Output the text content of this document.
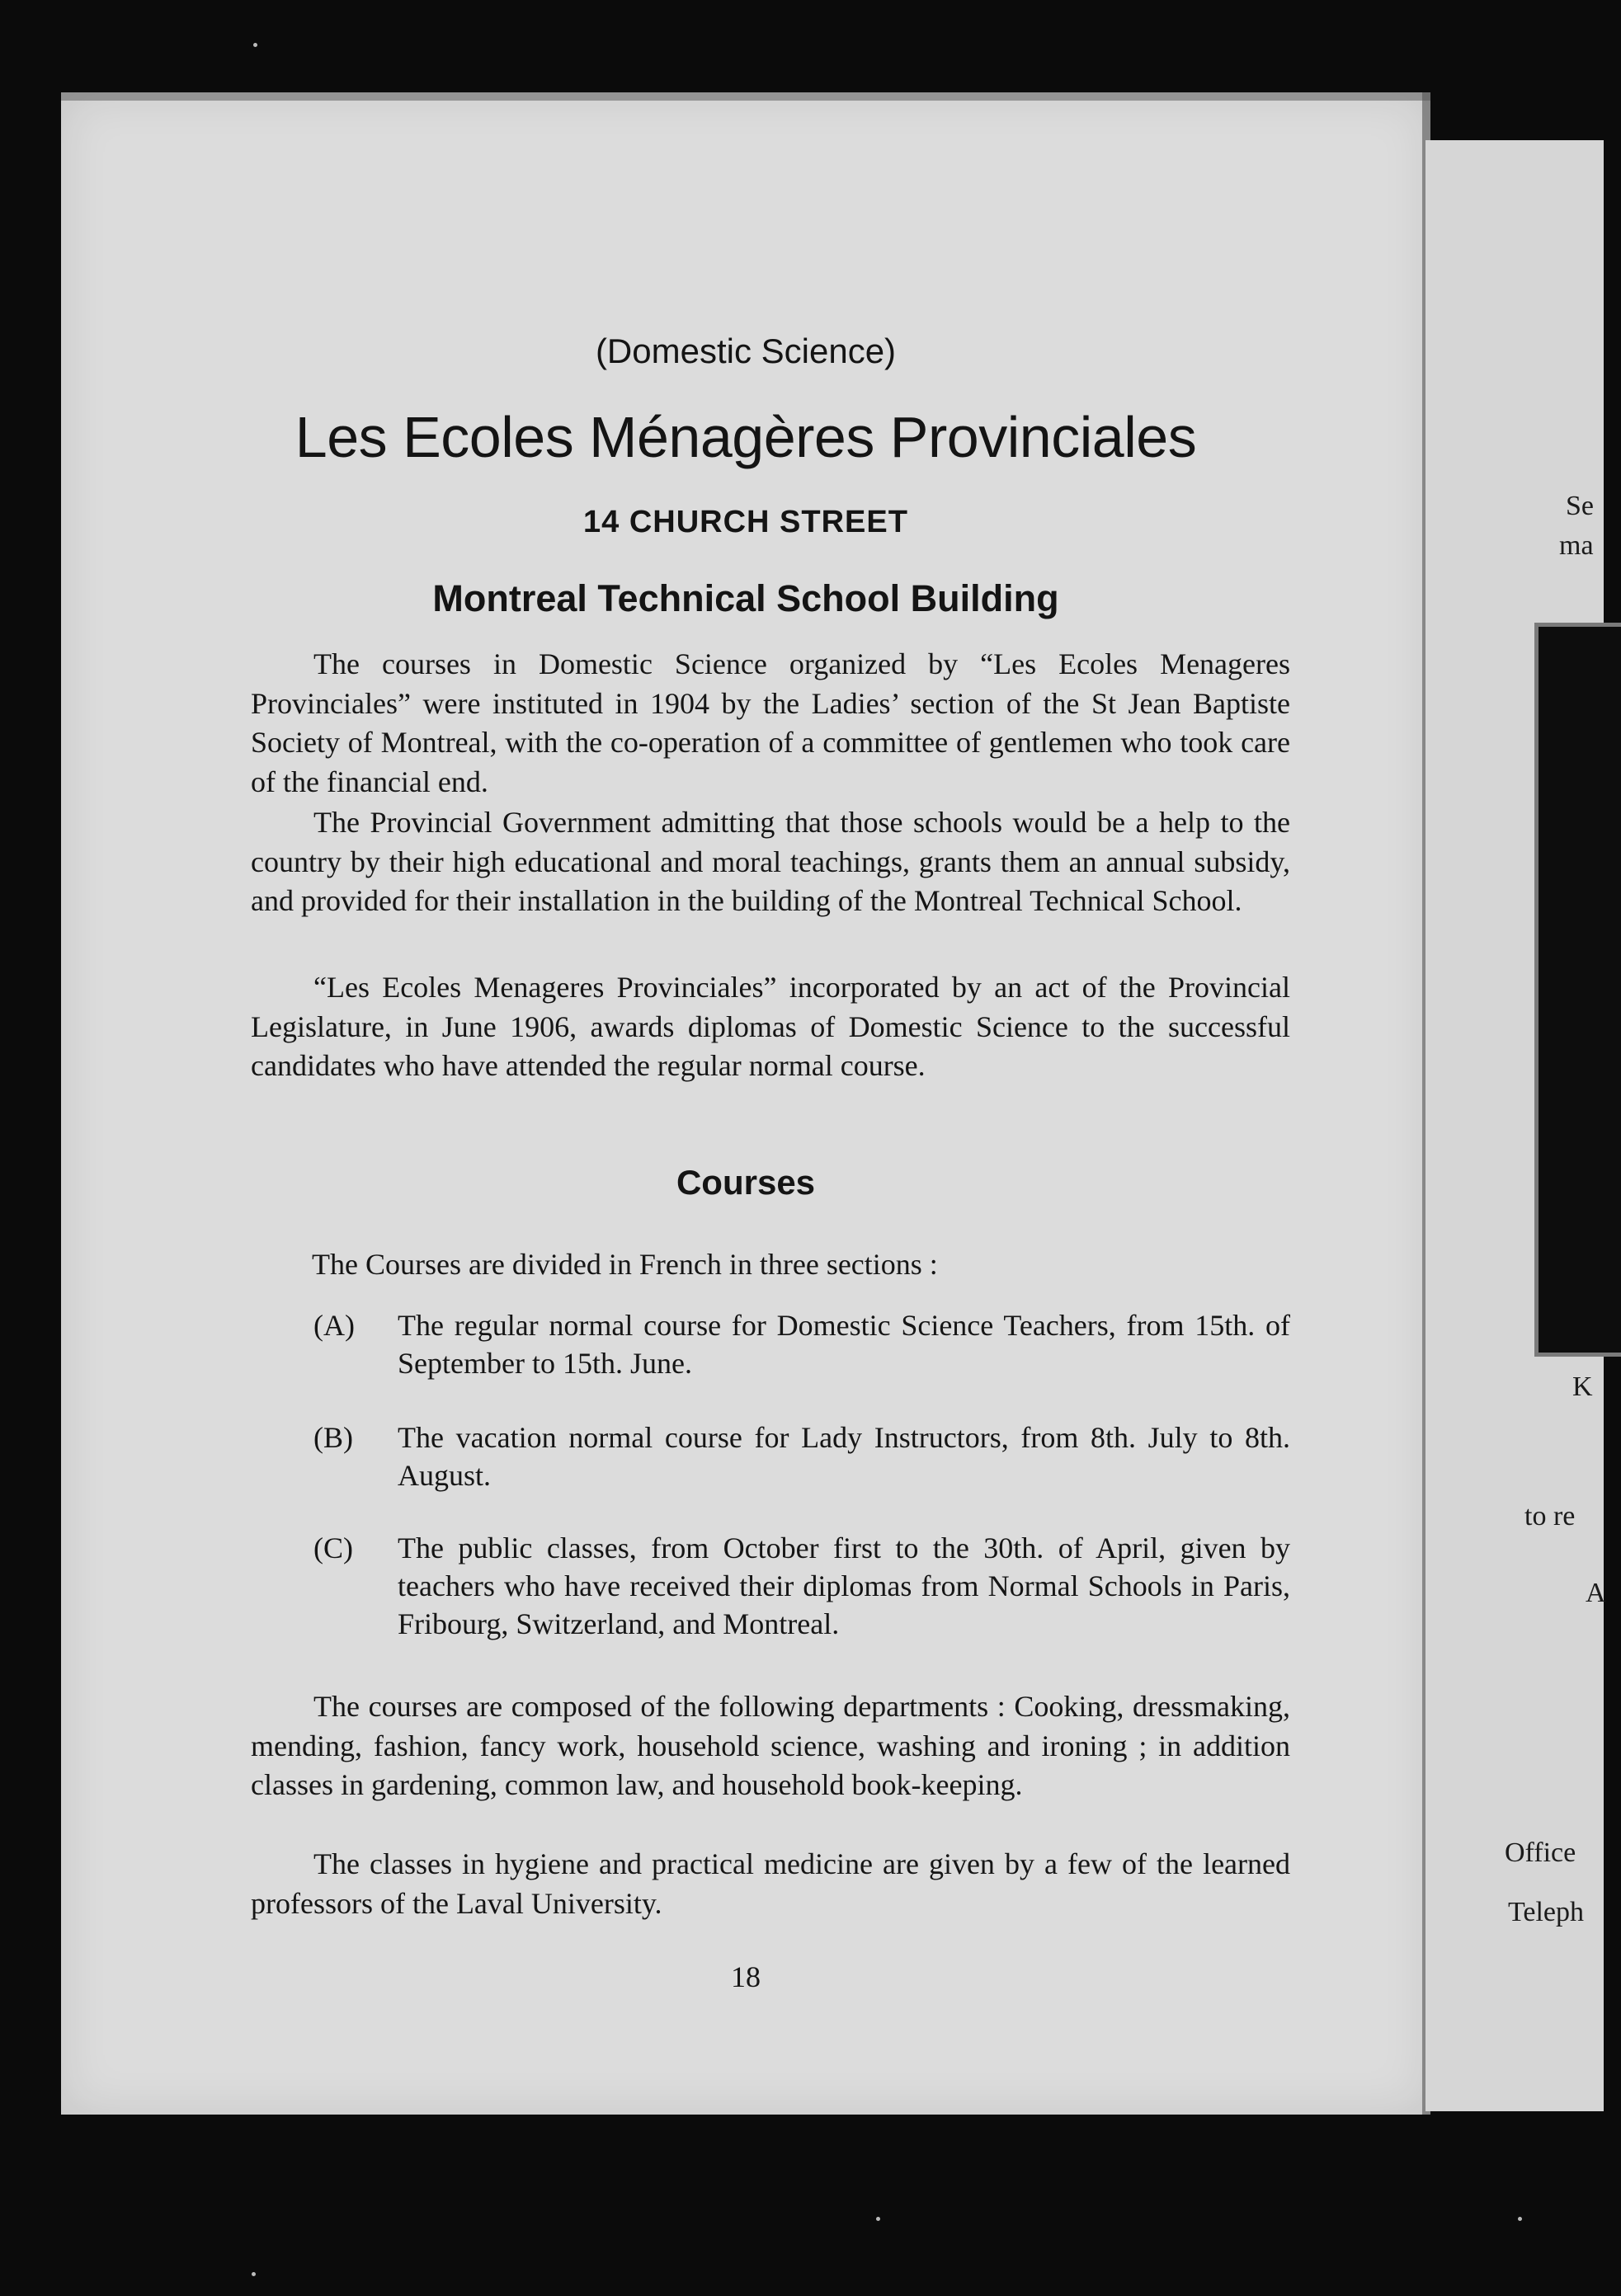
(Domestic Science)
Les Ecoles Ménagères Provinciales
14 CHURCH STREET
Montreal Technical School Building
The courses in Domestic Science organized by “Les Ecoles Menageres Provinciales” were instituted in 1904 by the Ladies’ section of the St Jean Baptiste Society of Montreal, with the co-operation of a committee of gentlemen who took care of the financial end.
The Provincial Government admitting that those schools would be a help to the country by their high educational and moral teachings, grants them an annual subsidy, and provided for their installation in the building of the Montreal Technical School.
“Les Ecoles Menageres Provinciales” incorporated by an act of the Provincial Legislature, in June 1906, awards diplomas of Domestic Science to the successful candidates who have attended the regular normal course.
Courses
The Courses are divided in French in three sections :
(A) The regular normal course for Domestic Science Teachers, from 15th. of September to 15th. June.
(B) The vacation normal course for Lady Instructors, from 8th. July to 8th. August.
(C) The public classes, from October first to the 30th. of April, given by teachers who have received their diplomas from Normal Schools in Paris, Fribourg, Switzerland, and Montreal.
The courses are composed of the following departments : Cooking, dressmaking, mending, fashion, fancy work, household science, washing and ironing ; in addition classes in gardening, common law, and household book-keeping.
The classes in hygiene and practical medicine are given by a few of the learned professors of the Laval University.
18
Se
ma
K
to re
A
Office
Teleph
